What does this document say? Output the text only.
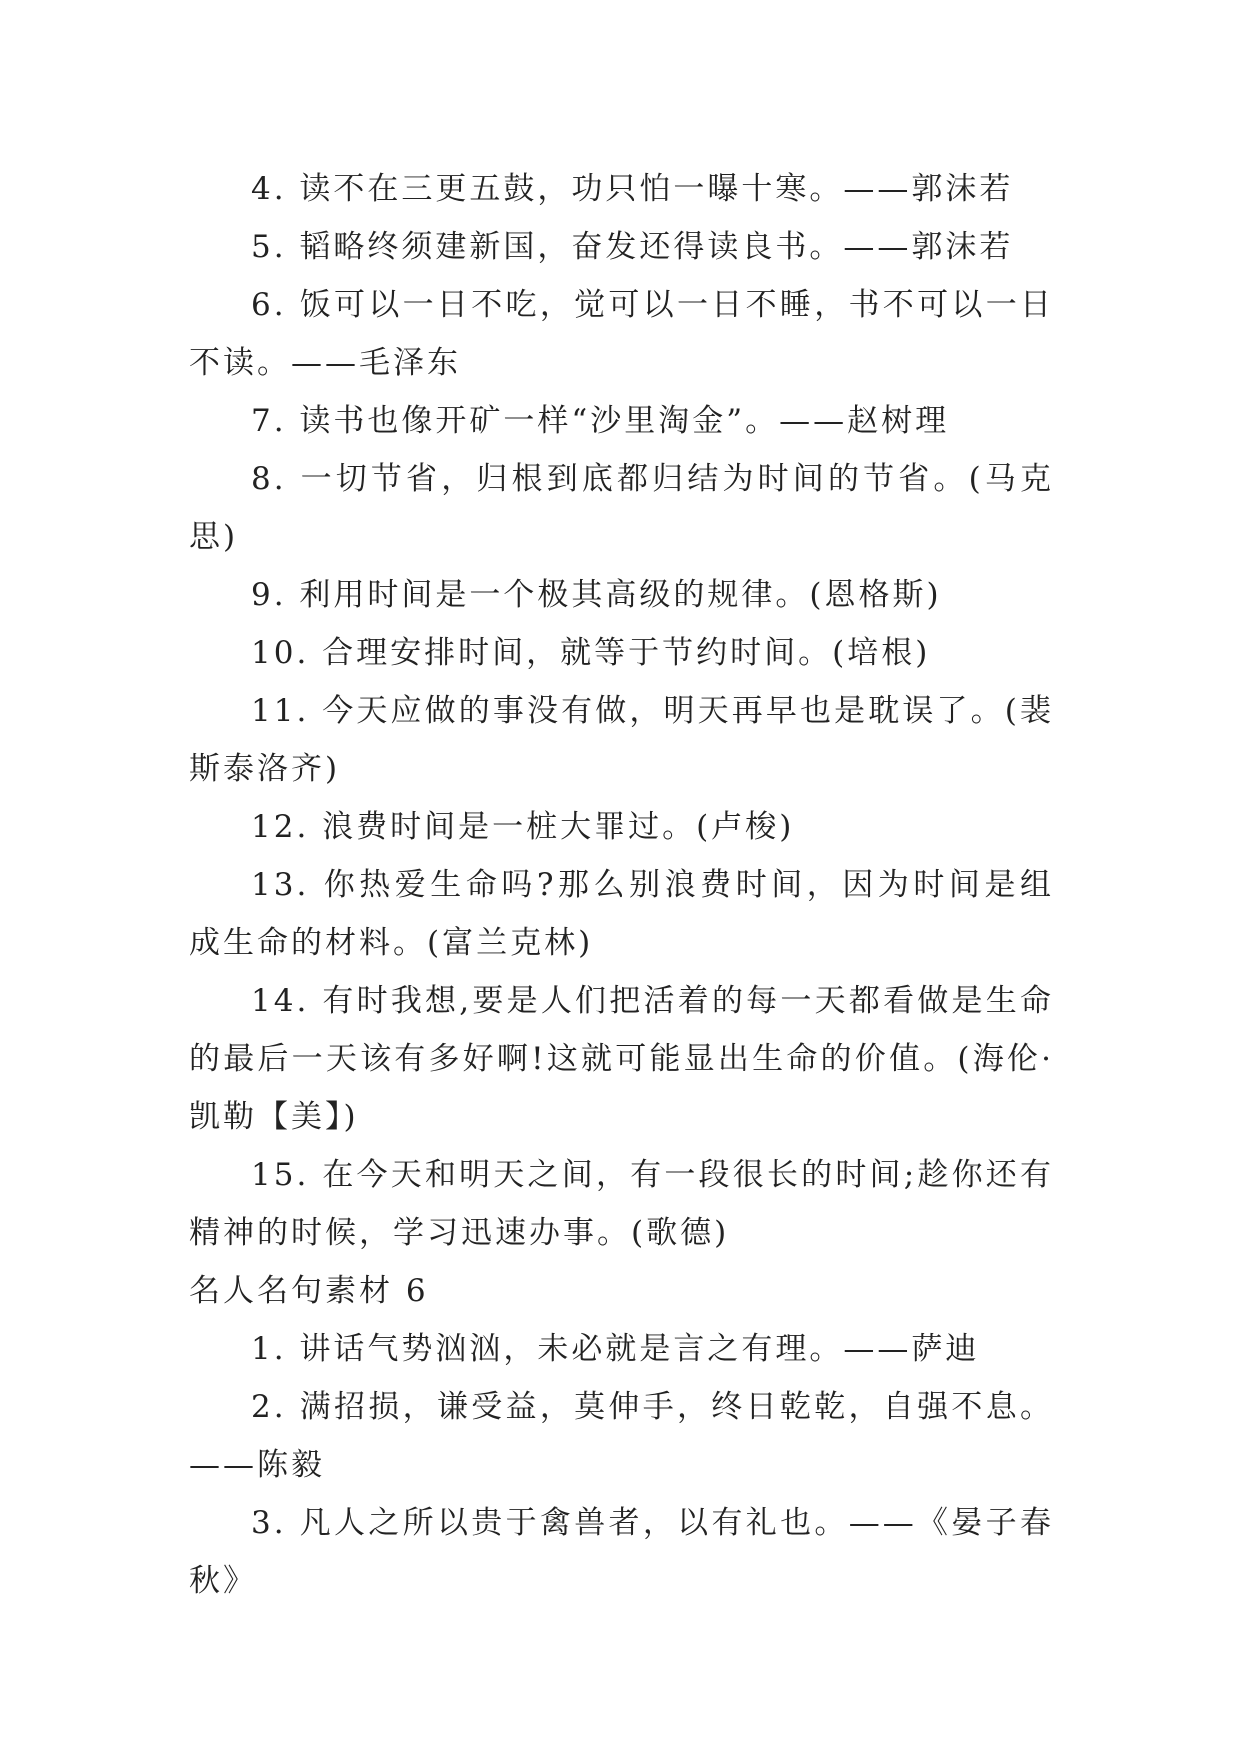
4. 读不在三更五鼓，功只怕一曝十寒。——郭沫若

5. 韬略终须建新国，奋发还得读良书。——郭沫若

6. 饭可以一日不吃，觉可以一日不睡，书不可以一日不读。——毛泽东

7. 读书也像开矿一样“沙里淘金”。——赵树理

8. 一切节省，归根到底都归结为时间的节省。(马克思)

9. 利用时间是一个极其高级的规律。(恩格斯)

10. 合理安排时间，就等于节约时间。(培根)

11. 今天应做的事没有做，明天再早也是耽误了。(裴斯泰洛齐)

12. 浪费时间是一桩大罪过。(卢梭)

13. 你热爱生命吗?那么别浪费时间，因为时间是组成生命的材料。(富兰克林)

14. 有时我想,要是人们把活着的每一天都看做是生命的最后一天该有多好啊!这就可能显出生命的价值。(海伦·凯勒【美】)

15. 在今天和明天之间，有一段很长的时间;趁你还有精神的时候，学习迅速办事。(歌德)

名人名句素材 6

1. 讲话气势汹汹，未必就是言之有理。——萨迪

2. 满招损，谦受益，莫伸手，终日乾乾，自强不息。——陈毅

3. 凡人之所以贵于禽兽者，以有礼也。——《晏子春秋》
